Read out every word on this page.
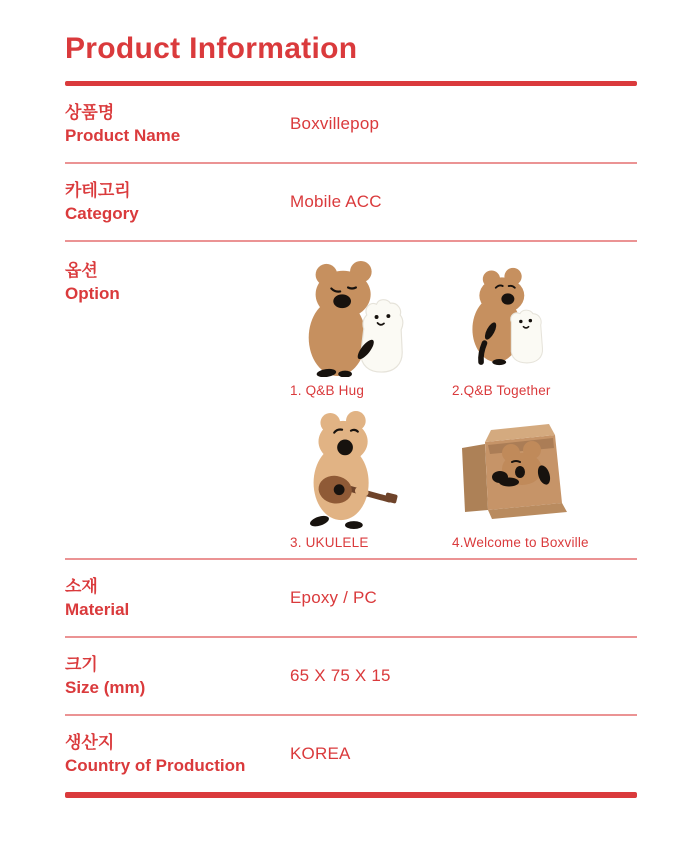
Product Information
상품명
Product Name
Boxvillepop
카테고리
Category
Mobile ACC
옵션
Option
1. Q&B Hug	2.Q&B Together
3. UKULELE	4.Welcome to Boxville
소재
Material
Epoxy / PC
크기
Size (mm)
65 X 75 X 15
생산지
Country of Production
KOREA
